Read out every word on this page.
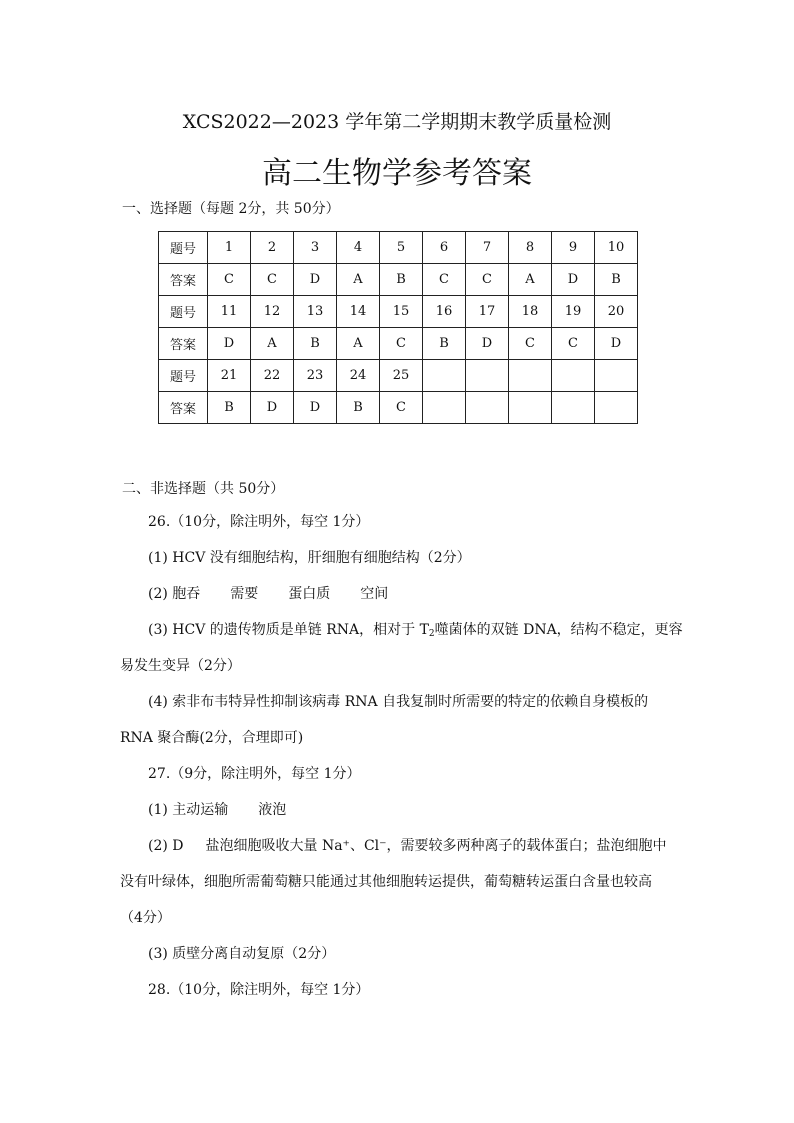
XCS2022—2023 学年第二学期期末教学质量检测
高二生物学参考答案
一、选择题（每题 2分，共 50分）
题号	1	2	3	4	5	6	7	8	9	10
答案	C	C	D	A	B	C	C	A	D	B
题号	11	12	13	14	15	16	17	18	19	20
答案	D	A	B	A	C	B	D	C	C	D
题号	21	22	23	24	25					
答案	B	D	D	B	C					
二、非选择题（共 50分）
26.（10分，除注明外，每空 1分）
(1) HCV 没有细胞结构，肝细胞有细胞结构（2分）
(2) 胞吞 需要 蛋白质 空间
(3) HCV 的遗传物质是单链 RNA，相对于 $T_2$噬菌体的双链 DNA，结构不稳定，更容
易发生变异（2分）
(4) 索非布韦特异性抑制该病毒 RNA 自我复制时所需要的特定的依赖自身模板的
RNA 聚合酶(2分，合理即可)
27.（9分，除注明外，每空 1分）
(1) 主动运输 液泡
(2) D 盐泡细胞吸收大量 Na⁺、Cl⁻，需要较多两种离子的载体蛋白；盐泡细胞中
没有叶绿体，细胞所需葡萄糖只能通过其他细胞转运提供，葡萄糖转运蛋白含量也较高
（4分）
(3) 质壁分离自动复原（2分）
28.（10分，除注明外，每空 1分）
